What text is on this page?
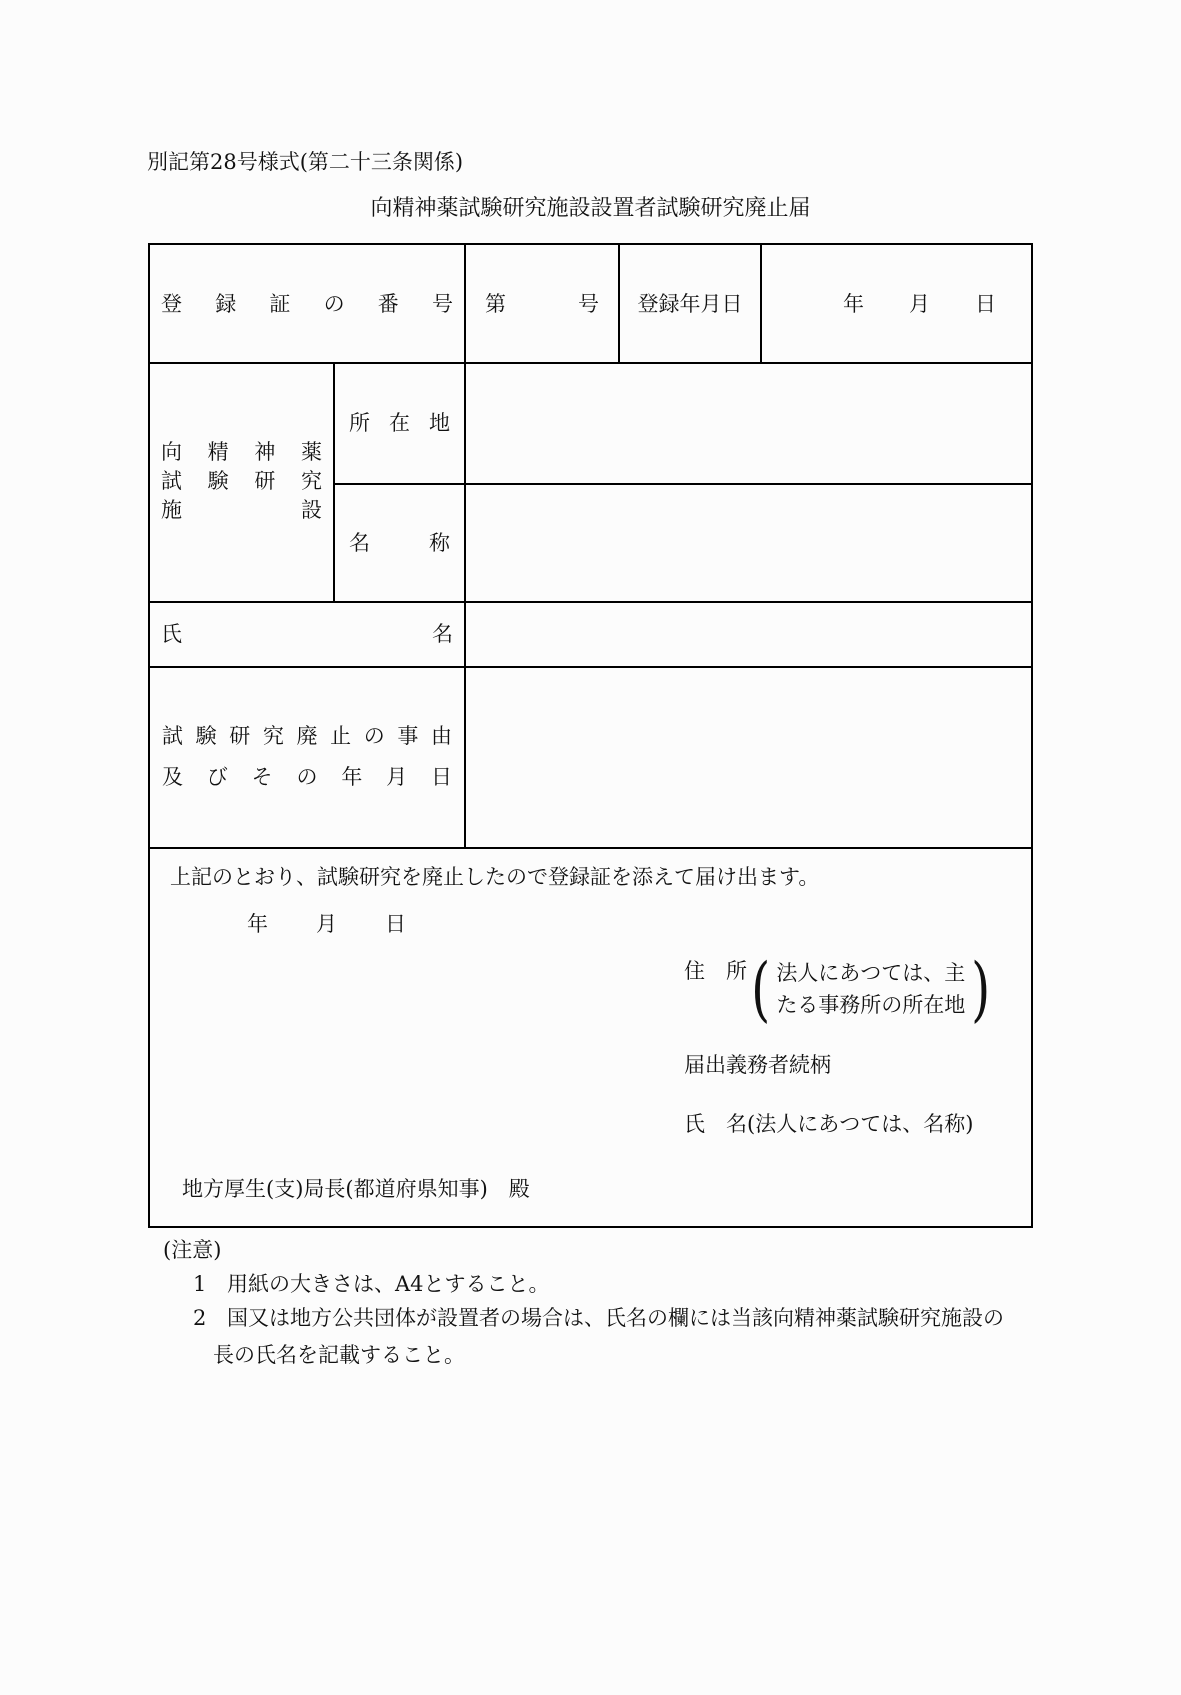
別記第28号様式(第二十三条関係)
向精神薬試験研究施設設置者試験研究廃止届
登録証の番号 第	号 登録年月日	年 月 日
向精神薬
試験研究
施設
所在地
名称
氏名
試験研究廃止の事由
及びその年月日
上記のとおり、試験研究を廃止したので登録証を添えて届け出ます。
年 月 日
住　所 ( 法人にあつては、主
たる事務所の所在地 )
届出義務者続柄
氏　名(法人にあつては、名称)
地方厚生(支)局長(都道府県知事)　殿
(注意)
1 用紙の大きさは、A4とすること。
2 国又は地方公共団体が設置者の場合は、氏名の欄には当該向精神薬試験研究施設の
長の氏名を記載すること。
